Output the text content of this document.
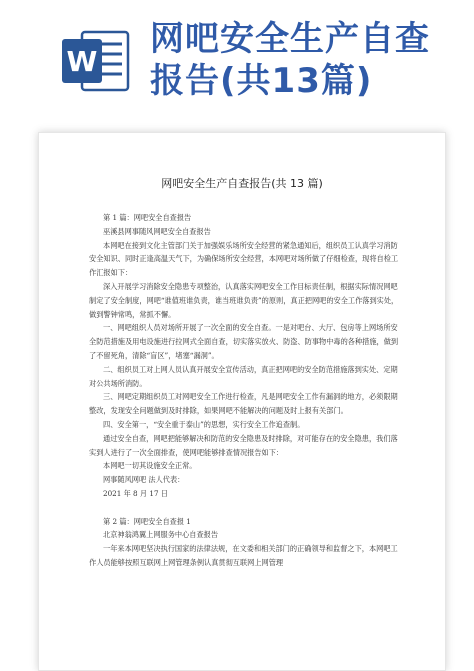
W
网吧安全生产自查
报告(共13篇)
网吧安全生产自查报告(共 13 篇)

第 1 篇：网吧安全自查报告

巫溪县网事随风网吧安全自查报告

本网吧在接到文化主管部门关于加强娱乐场所安全经营的紧急通知后，组织员工认真学习消防安全知识、同时正逢高温天气下，为确保场所安全经营，本网吧对场所做了仔细检查，现将自检工作汇报如下：

深入开展学习消除安全隐患专项整治，认真落实网吧安全工作目标责任制，根据实际情况网吧制定了安全制度，网吧“谁值班谁负责，谁当班谁负责”的原则，真正把网吧的安全工作落到实处，做到警钟常鸣，常抓不懈。

一、网吧组织人员对场所开展了一次全面的安全自查。一是对吧台、大厅、包房等上网场所安全防范措施及用电设施进行拉网式全面自查，切实落实放火、防盗、防事物中毒的各种措施，做到了不留死角，清除“盲区”，堵塞“漏洞”。

二、组织员工对上网人员认真开展安全宣传活动，真正把网吧的安全防范措施落到实处、定期对公共场所消防。

三、网吧定期组织员工对网吧安全工作进行检查，凡是网吧安全工作有漏洞的地方，必须限期整改，发现安全问题做到及时排除，如果网吧不能解决的问题及时上报有关部门。

四、安全第一，“安全重于泰山”的思想，实行安全工作追查制。

通过安全自查，网吧把能够解决和防范的安全隐患及时排除，对可能存在的安全隐患，我们落实到人进行了一次全面排查，使网吧能够排查情况报告如下：

本网吧一切其设施安全正常。

网事随风网吧 法人代表：

2021 年 8 月 17 日

第 2 篇：网吧安全自查报 1

北京神翁鸿翼上网服务中心自查报告

一年来本网吧坚决执行国家的法律法规，在文委和相关部门的正确领导和监督之下，本网吧工作人员能够按照互联网上网管理条例认真贯彻互联网上网管理
